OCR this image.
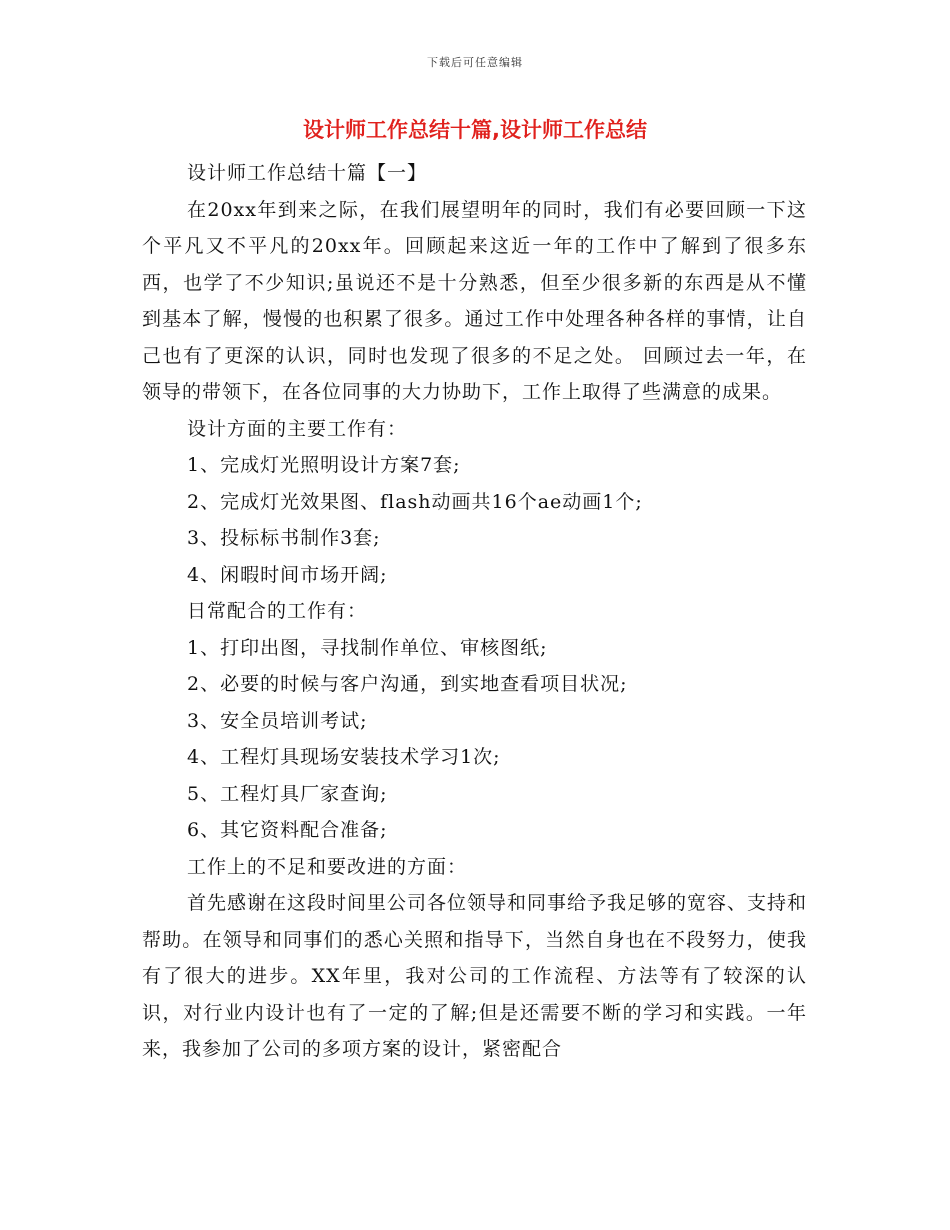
下载后可任意编辑
设计师工作总结十篇,设计师工作总结

设计师工作总结十篇【一】

在20xx年到来之际，在我们展望明年的同时，我们有必要回顾一下这个平凡又不平凡的20xx年。回顾起来这近一年的工作中了解到了很多东西，也学了不少知识;虽说还不是十分熟悉，但至少很多新的东西是从不懂到基本了解，慢慢的也积累了很多。通过工作中处理各种各样的事情，让自己也有了更深的认识，同时也发现了很多的不足之处。 回顾过去一年，在领导的带领下，在各位同事的大力协助下，工作上取得了些满意的成果。

设计方面的主要工作有：

1、完成灯光照明设计方案7套;

2、完成灯光效果图、flash动画共16个ae动画1个;

3、投标标书制作3套;

4、闲暇时间市场开阔;

日常配合的工作有：

1、打印出图，寻找制作单位、审核图纸;

2、必要的时候与客户沟通，到实地查看项目状况;

3、安全员培训考试;

4、工程灯具现场安装技术学习1次;

5、工程灯具厂家查询;

6、其它资料配合准备;

工作上的不足和要改进的方面：

首先感谢在这段时间里公司各位领导和同事给予我足够的宽容、支持和帮助。在领导和同事们的悉心关照和指导下，当然自身也在不段努力，使我有了很大的进步。XX年里，我对公司的工作流程、方法等有了较深的认识，对行业内设计也有了一定的了解;但是还需要不断的学习和实践。一年来，我参加了公司的多项方案的设计，紧密配合
